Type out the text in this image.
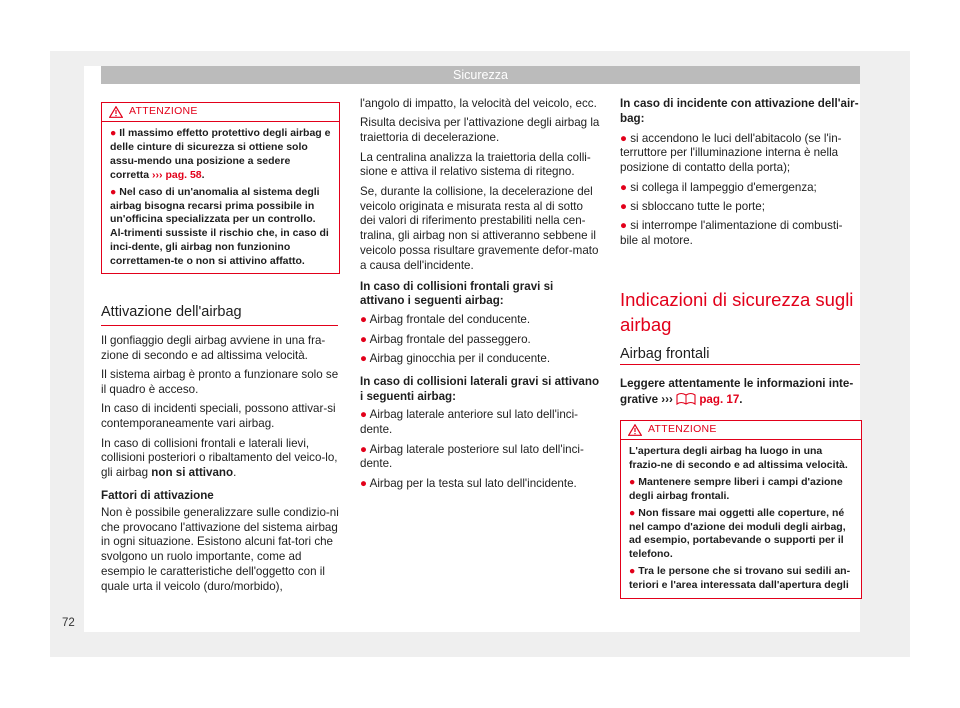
Sicurezza
ATTENZIONE
● Il massimo effetto protettivo degli airbag e delle cinture di sicurezza si ottiene solo assu-mendo una posizione a sedere corretta ››› pag. 58.
● Nel caso di un'anomalia al sistema degli airbag bisogna recarsi prima possibile in un'officina specializzata per un controllo. Al-trimenti sussiste il rischio che, in caso di inci-dente, gli airbag non funzionino correttamen-te o non si attivino affatto.
Attivazione dell'airbag

Il gonfiaggio degli airbag avviene in una fra-zione di secondo e ad altissima velocità.

Il sistema airbag è pronto a funzionare solo se il quadro è acceso.

In caso di incidenti speciali, possono attivar-si contemporaneamente vari airbag.

In caso di collisioni frontali e laterali lievi, collisioni posteriori o ribaltamento del veico-lo, gli airbag non si attivano.

Fattori di attivazione

Non è possibile generalizzare sulle condizio-ni che provocano l'attivazione del sistema airbag in ogni situazione. Esistono alcuni fat-tori che svolgono un ruolo importante, come ad esempio le caratteristiche dell'oggetto con il quale urta il veicolo (duro/morbido),

l'angolo di impatto, la velocità del veicolo, ecc.

Risulta decisiva per l'attivazione degli airbag la traiettoria di decelerazione.

La centralina analizza la traiettoria della colli-sione e attiva il relativo sistema di ritegno.

Se, durante la collisione, la decelerazione del veicolo originata e misurata resta al di sotto dei valori di riferimento prestabiliti nella cen-tralina, gli airbag non si attiveranno sebbene il veicolo possa risultare gravemente defor-mato a causa dell'incidente.

In caso di collisioni frontali gravi si attivano i seguenti airbag:

● Airbag frontale del conducente.

● Airbag frontale del passeggero.

● Airbag ginocchia per il conducente.

In caso di collisioni laterali gravi si attivano i seguenti airbag:

● Airbag laterale anteriore sul lato dell'inci-dente.

● Airbag laterale posteriore sul lato dell'inci-dente.

● Airbag per la testa sul lato dell'incidente.

In caso di incidente con attivazione dell'air-bag:

● si accendono le luci dell'abitacolo (se l'in-terruttore per l'illuminazione interna è nella posizione di contatto della porta);

● si collega il lampeggio d'emergenza;

● si sbloccano tutte le porte;

● si interrompe l'alimentazione di combusti-bile al motore.

Indicazioni di sicurezza sugli airbag
Airbag frontali
Leggere attentamente le informazioni inte-grative ››› pag. 17.
ATTENZIONE
L'apertura degli airbag ha luogo in una frazio-ne di secondo e ad altissima velocità.
● Mantenere sempre liberi i campi d'azione degli airbag frontali.
● Non fissare mai oggetti alle coperture, né nel campo d'azione dei moduli degli airbag, ad esempio, portabevande o supporti per il telefono.
● Tra le persone che si trovano sui sedili an-teriori e l'area interessata dall'apertura degli
72
